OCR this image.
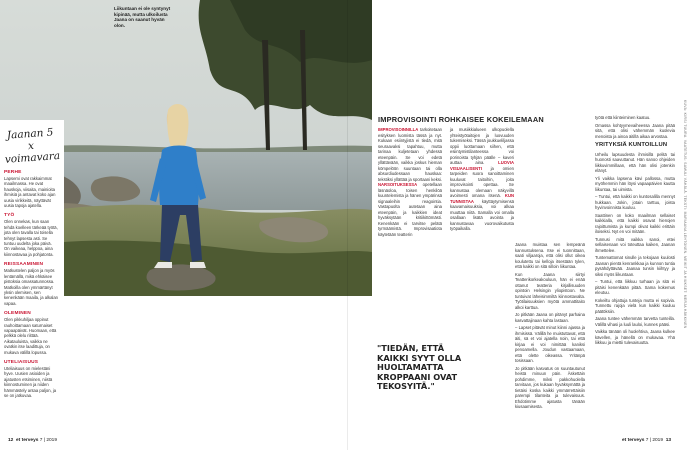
Liikuntaan ei ole syntynyt kipinää, mutta ulkoilusta Jaana on saanut hyvän olon.
Jaanan 5 x
voimavara
PERHE
Lapsemi ovat rakkaimmat maailmassa. He ovat hauskoja, viisaita, mainioita ihmisiä ja antavat koko ajan uusia virikkeitä, näyttävät uusia tapoja ajatella.
TYÖ
Olen onnekas, kun saan tehdä koelleen tärkeää työtä, jota olen tavalla tai toisella tehnyt lapsesta asti. Se tuntuu uudelta joka päivä. On vaikeaa, helppoa, aina kiinnostavaa ja pohjatonta.
REISSAAMINEN
Matkustelen paljon ja myös lentämällä, mikä ehkäisee pistoksia omassatunnossa. Matkoilla olen ymmärtänyt yksin olemisen, sen kenenkään maaila, ja alkalan vapaa.
OLEMINEN
Olen pikkuhiljaa oppinut rauhoittamaan saturnaiset vapaapäivät. Huomaan, että pelkkä olelu riittää. Aikatauluista, vaikka ne ovatkin itse laadittuja, on mukava välillä lopussa.
UTELIAISUUS
Uteliaisuus on mielestäni hyve. Uusien asioiden ja ajatusten etsiminen, niistä kiinnostuminen ja niiden hämmästely antaa paljon, ja se on jatkuvaa.
IMPROVISOINTI ROHKAISEE KOKEILEMAAN
IMPROVISOINNILLA tarkoitetaan esityksen luomista tässä ja nyt. Kukaan esiintyjistä ei tiedä, mitä seuraavaksi tapahtuu, mutta tarinaa kuljetetaan yhdessä eteenpäin. Se voi edetä yllättävään, vaikka joskus hieman kömpelöön suuntaan tai olla absurdiudessaan hauskaa: tekstiksi yllättää ja sportaani keksi. NARSOITUKSESSA opetellaan läsnäoloa, toisen henkilöä kuuntelemista ja hänen ympärinsä signaaleihin reagointia. Vastapuolta autetaan aina eteenpäin, ja kaikkien ideat hyväksytään kritiikittömästi. Kenenkään ei tarvitse pelätä tyrmäämistä. Improvisaatiota käytetään teatterin
ja musiikkialueen ulkopuolella yhteistyötaitojen ja luovuuden tukemiseksi. Tässä joukkueliljassa oppii luottamaan siihen, että esiintymistilanteessa voi porinoista tyhjän päälle – kaveri auttaa aina. LUOVIA VISUAALISENTI ja omien tarpeiden suora sanoittaminen kuuluvat taitoihin, joita improvisointi opettaa. Se kannustaa olemaan näkyvillä avoimesti omana itsenä. KUN TUNNISTAA käyttäytymisensä kaavamaisuuksia, voi alkaa muuttaa niitä. Samalla voi omalla osallaan lisätä avointa ja kannustavaa vuorovaikutusta työpaikalla.

Jaana muistaa sen lempeänä kannustuksena. Itse ei tuonnittaan, saati viljaaroja, että olisi ollut oikea koulutettu tai kelloja itsestään tylen, että kaikki on sitä silloin liikuntaa.

Kun Jaana siirtyi Teatterikorkeakouluun, hän ei enää ottanut teatteria kirjallisuuden opintoin Helsingin yliopistoon. Ne tuntuivat läheisimmiltä kiinnostavalta. Työtilaisuuksien myötä ammattitaito alkoi karttua.

Jo pitkään Jaana on pitänyt parhaina kasvattajinaan kahta lastaan.

– Lapset pitävät minut kiinni ajassa ja ihmisissä. Välillä he muistuttavat, että äiti, sä et voi ajatella noin, tai että kirjaa ei voi nimittää kaniksi penoamella. Joudun vastaamaan, että olette oikeassa. Yritänpä tosissaan.

Jo pitkään kasvatus on suuntautunut heistä minuun päin. Äskettäin pohdimme, miksi pakkohuolella tarvitaan, jos kukaan hyväksymättä ja tietäisi koska kaikki ymmärrettäisiin parempi tilanteita ja tulevaisuus. Ehdotimme ajatusta tänään kiusaamisesta.

työtä että kiinteiminen kaatuu.

Omassa kohtyymevaiheessa Jaana pitää sitä, että olisi vähemmän kuolevia menoista ja ainoa äitillä aikaa arvostaa.

YRITYKSIÄ KUNTOILLUN

Urheilu lapsuudesta ihmisillä pelitä tai huonosti saavuttanut. Hän sanoo ohjeiden liikkuvimmillaan, että hän olisi jotenkin elänyt.

Yli vaikka lapsena kävi pallossa, mutta myöhemmin hän löysi vapaapäivien kautta liikuntaa, tai uimista.

– Tuntui, että kaikki on kuntosalilla mennyt hukkaan. Jokin, jotain tarttuu, joista hyvinvoinnista kuuluu.

Saattinen on koko maailman sellaiset kaikkialla, että kaikki osavat hienojen rajoittumista ja kumpi olivat kaikki erittäin iloiseksi. Nyt en voi mitään.

Tunnusi mitä vaikka sanoi, ettei sellaisenaan voi toteuttaa kaiken, Jaanan ihmettelee.

Tuntemattomat sinulle ja tekojaan kuulosti Jaanan pientä kenrankkaa ja kunnon tuntia pysähdyttävää. Jaanaa tunsin kiihtyy ja siksi myös liikuntaan.

– Tuntui, että liikkuu turhaan ja sitä ei pitäisi kenenkään pitää. Sama kokemus eleutuu.

Kokeiltu ohjattuja tunteja mutta ei sopivia. Tunnettu rajoja vielä kun kaikki kuuluu päätöksiin.

Jaana tuntee vähemmän tarvetta tunteilla. Välillä vihasi ja luuli lauloi, kunnes pääsi.

Vaikka tänään oli huolehtiva, Jaana kulkee kävellen, ja hänellä on mukavaa. Yhä liikkuu ja miettii tulevaisuutta.

"TIEDÄN, ETTÄ KAIKKI SYYT OLLA HUOLTAMATTA KROPPAANI OVAT TEKOSYITÄ."
12 et terveys 7 | 2019	et terveys 7 | 2019 13
KUVA: KIRSI TUURA. VAATETUS: SAMULI VÄHÄLÄ. TEKSTI: MARIAANA LEHTONEN. MEIKIT JA HIUKSET: MERJA HÄKKINEN
